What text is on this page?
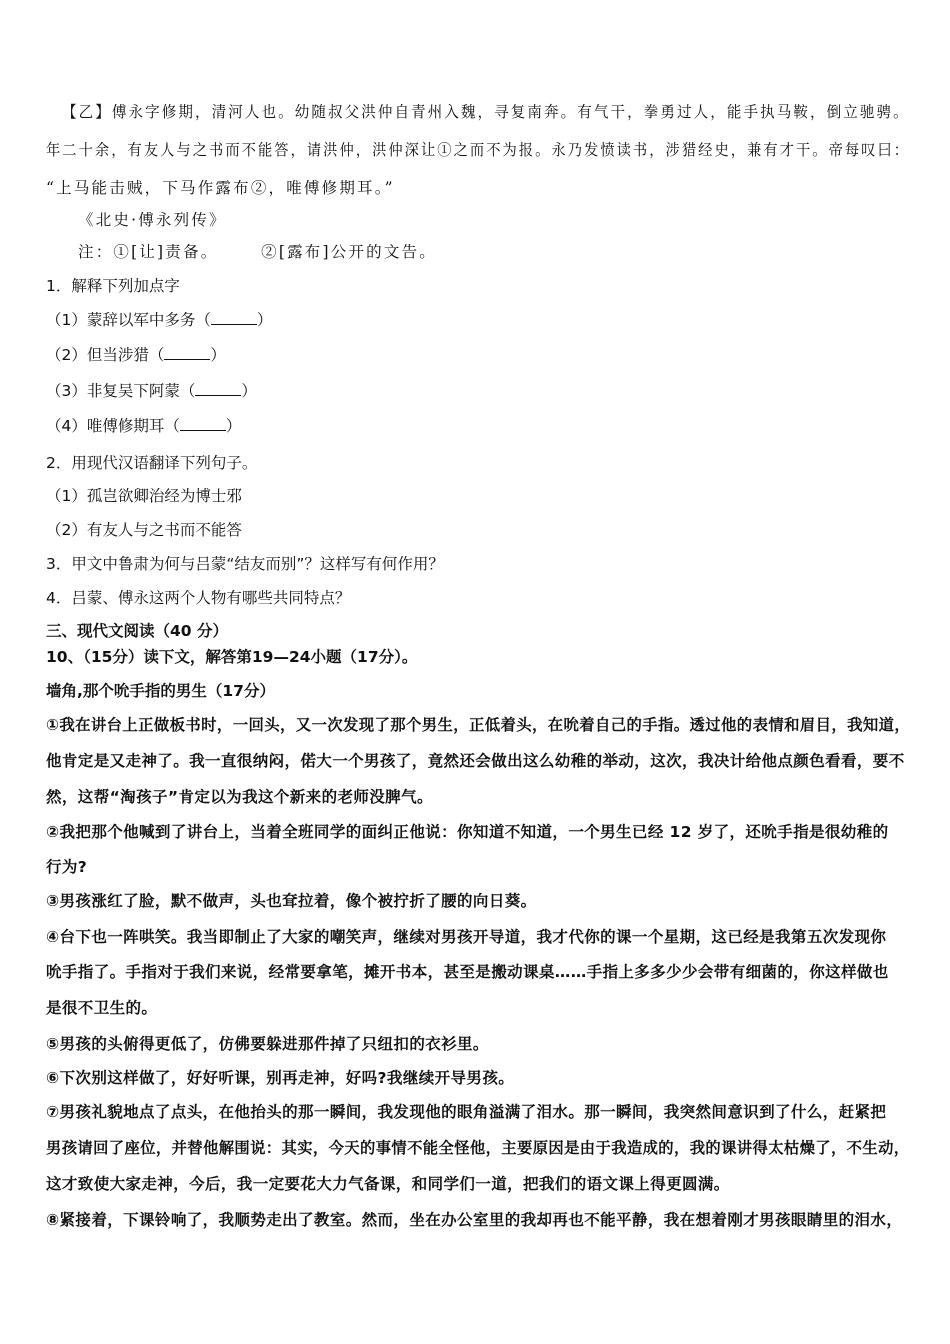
【乙】傅永字修期，清河人也。幼随叔父洪仲自青州入魏，寻复南奔。有气干，拳勇过人，能手执马鞍，倒立驰骋。
年二十余，有友人与之书而不能答，请洪仲，洪仲深让①之而不为报。永乃发愤读书，涉猎经史，兼有才干。帝每叹曰：
“上马能击贼，下马作露布②，唯傅修期耳。”
《北史·傅永列传》
注：①[让]责备。      ②[露布]公开的文告。
1．解释下列加点字
（1）蒙辞以军中多务（	）
（2）但当涉猎（	）
（3）非复吴下阿蒙（	）
（4）唯傅修期耳（	）
2．用现代汉语翻译下列句子。
（1）孤岂欲卿治经为博士邪
（2）有友人与之书而不能答
3．甲文中鲁肃为何与吕蒙“结友而别”？这样写有何作用？
4．吕蒙、傅永这两个人物有哪些共同特点？
三、现代文阅读（40 分）
10、（15分）读下文，解答第19—24小题（17分）。
墙角,那个吮手指的男生（17分）
①我在讲台上正做板书时，一回头，又一次发现了那个男生，正低着头，在吮着自己的手指。透过他的表情和眉目，我知道，
他肯定是又走神了。我一直很纳闷，偌大一个男孩了，竟然还会做出这么幼稚的举动，这次，我决计给他点颜色看看，要不
然，这帮“淘孩子”肯定以为我这个新来的老师没脾气。
②我把那个他喊到了讲台上，当着全班同学的面纠正他说：你知道不知道，一个男生已经 12 岁了，还吮手指是很幼稚的
行为?
③男孩涨红了脸，默不做声，头也耷拉着，像个被拧折了腰的向日葵。
④台下也一阵哄笑。我当即制止了大家的嘲笑声，继续对男孩开导道，我才代你的课一个星期，这已经是我第五次发现你
吮手指了。手指对于我们来说，经常要拿笔，摊开书本，甚至是搬动课桌……手指上多多少少会带有细菌的，你这样做也
是很不卫生的。
⑤男孩的头俯得更低了，仿佛要躲进那件掉了只纽扣的衣衫里。
⑥下次别这样做了，好好听课，别再走神，好吗?我继续开导男孩。
⑦男孩礼貌地点了点头，在他抬头的那一瞬间，我发现他的眼角溢满了泪水。那一瞬间，我突然间意识到了什么，赶紧把
男孩请回了座位，并替他解围说：其实，今天的事情不能全怪他，主要原因是由于我造成的，我的课讲得太枯燥了，不生动，
这才致使大家走神，今后，我一定要花大力气备课，和同学们一道，把我们的语文课上得更圆满。
⑧紧接着，下课铃响了，我顺势走出了教室。然而，坐在办公室里的我却再也不能平静，我在想着刚才男孩眼睛里的泪水，
